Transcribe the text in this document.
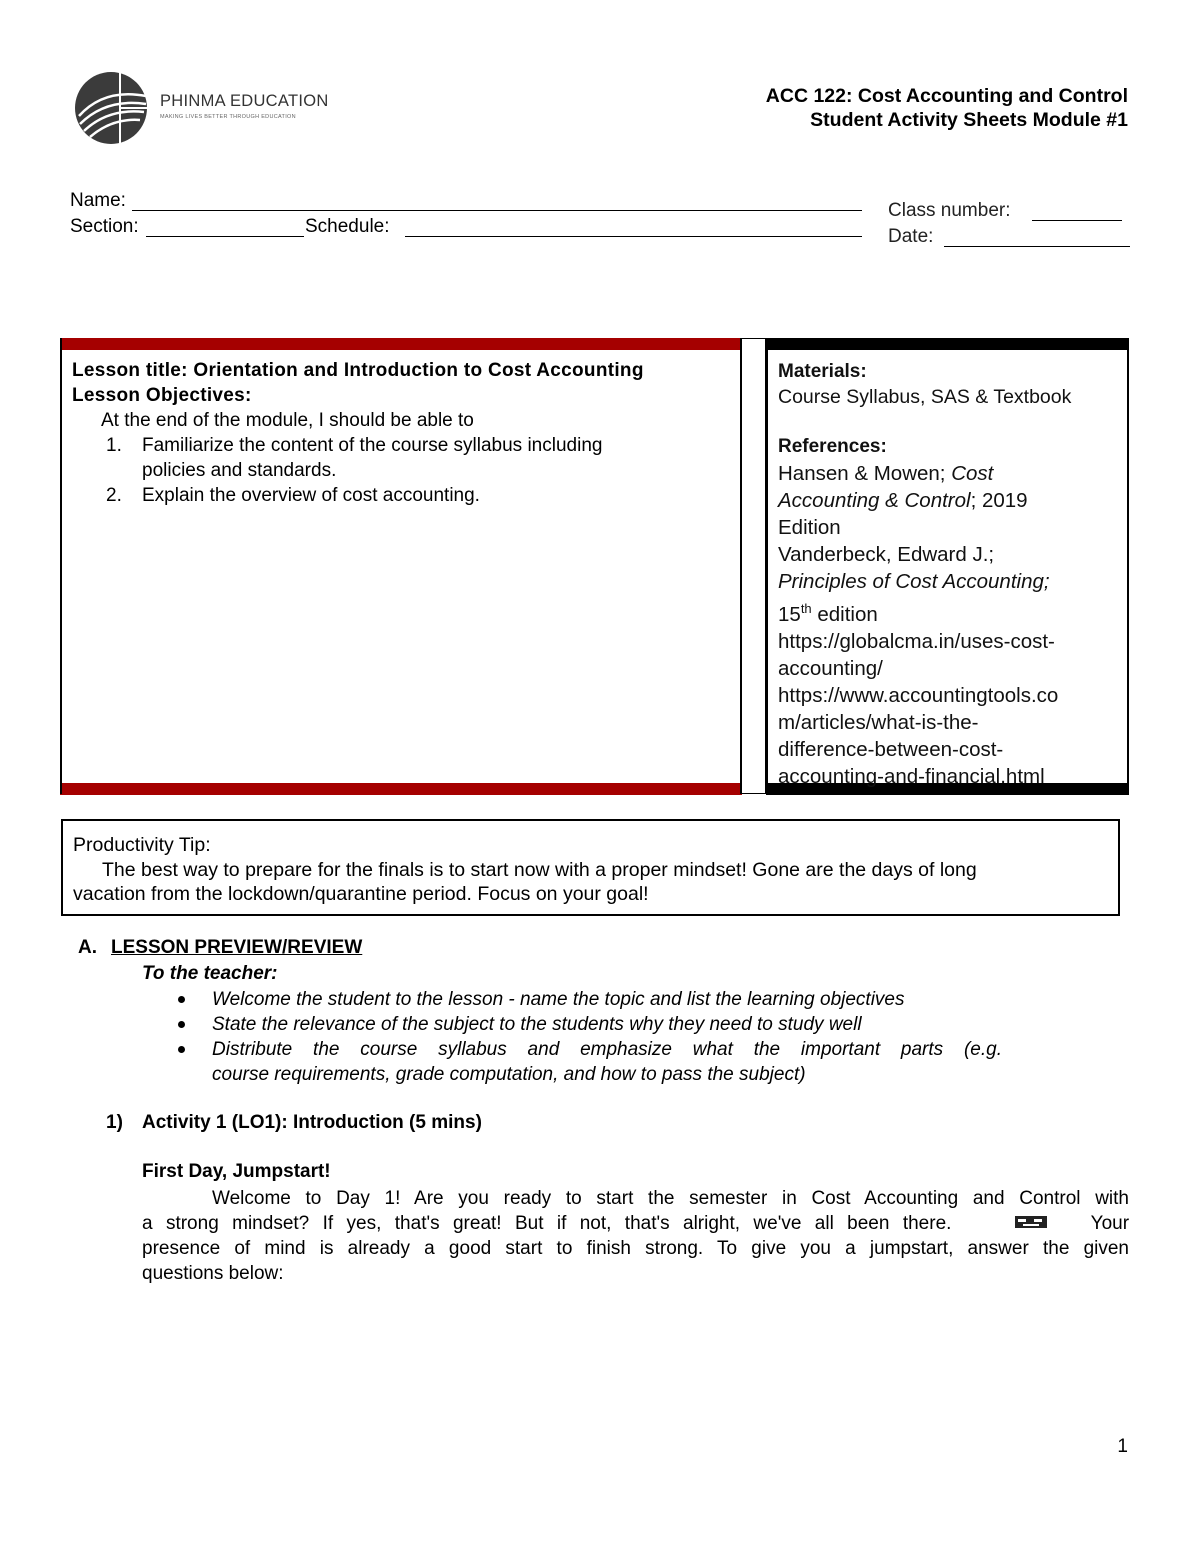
PHINMA EDUCATION
MAKING LIVES BETTER THROUGH EDUCATION
ACC 122: Cost Accounting and Control
Student Activity Sheets Module #1
Name:
Section:	Schedule:
Class number:
Date:
Lesson title: Orientation and Introduction to Cost Accounting
Lesson Objectives:
At the end of the module, I should be able to
1. Familiarize the content of the course syllabus including
policies and standards.
2. Explain the overview of cost accounting.
Materials:
Course Syllabus, SAS & Textbook
References:
Hansen & Mowen; Cost
Accounting & Control; 2019
Edition
Vanderbeck, Edward J.;
Principles of Cost Accounting;
15th edition
https://globalcma.in/uses-cost-
accounting/
https://www.accountingtools.co
m/articles/what-is-the-
difference-between-cost-
accounting-and-financial.html
Productivity Tip:
The best way to prepare for the finals is to start now with a proper mindset! Gone are the days of long
vacation from the lockdown/quarantine period. Focus on your goal!
A. LESSON PREVIEW/REVIEW
To the teacher:
Welcome the student to the lesson - name the topic and list the learning objectives
State the relevance of the subject to the students why they need to study well
Distribute the course syllabus and emphasize what the important parts (e.g.
course requirements, grade computation, and how to pass the subject)
1) Activity 1 (LO1): Introduction (5 mins)
First Day, Jumpstart!
Welcome to Day 1! Are you ready to start the semester in Cost Accounting and Control with
a strong mindset? If yes, that's great! But if not, that's alright, we've all been there.	Your
presence of mind is already a good start to finish strong. To give you a jumpstart, answer the given
questions below:
1
